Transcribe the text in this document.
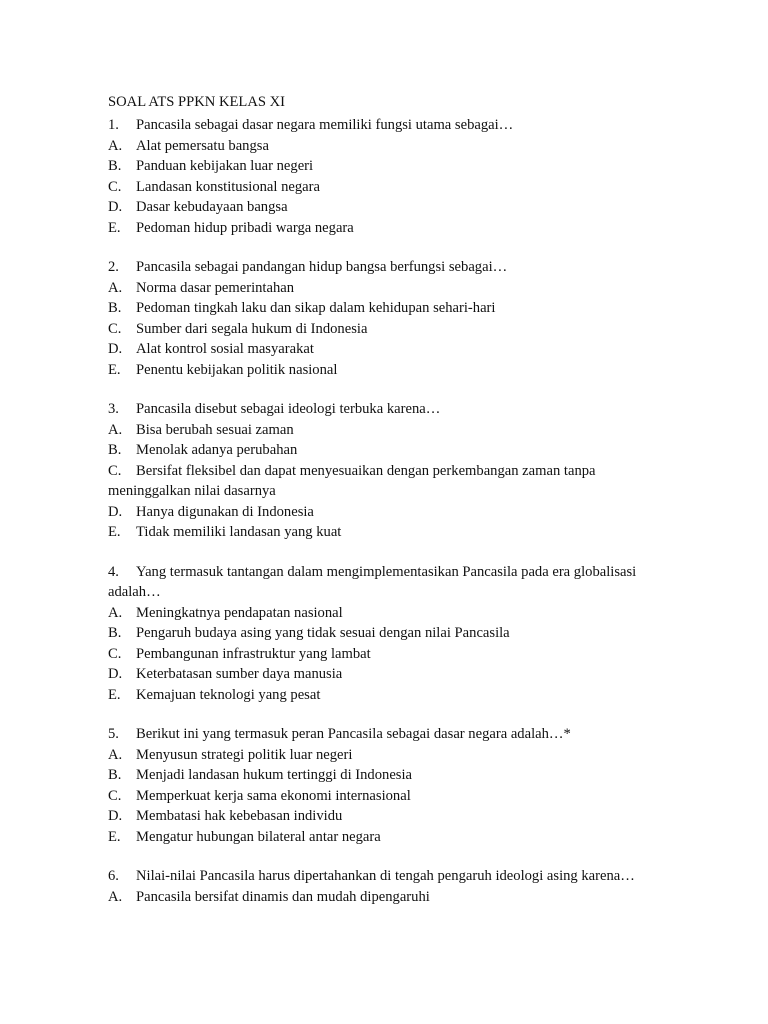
SOAL ATS PPKN KELAS XI
1. Pancasila sebagai dasar negara memiliki fungsi utama sebagai…
A. Alat pemersatu bangsa
B. Panduan kebijakan luar negeri
C. Landasan konstitusional negara
D. Dasar kebudayaan bangsa
E. Pedoman hidup pribadi warga negara
2. Pancasila sebagai pandangan hidup bangsa berfungsi sebagai…
A. Norma dasar pemerintahan
B. Pedoman tingkah laku dan sikap dalam kehidupan sehari-hari
C. Sumber dari segala hukum di Indonesia
D. Alat kontrol sosial masyarakat
E. Penentu kebijakan politik nasional
3. Pancasila disebut sebagai ideologi terbuka karena…
A. Bisa berubah sesuai zaman
B. Menolak adanya perubahan
C. Bersifat fleksibel dan dapat menyesuaikan dengan perkembangan zaman tanpa meninggalkan nilai dasarnya
D. Hanya digunakan di Indonesia
E. Tidak memiliki landasan yang kuat
4. Yang termasuk tantangan dalam mengimplementasikan Pancasila pada era globalisasi adalah…
A. Meningkatnya pendapatan nasional
B. Pengaruh budaya asing yang tidak sesuai dengan nilai Pancasila
C. Pembangunan infrastruktur yang lambat
D. Keterbatasan sumber daya manusia
E. Kemajuan teknologi yang pesat
5. Berikut ini yang termasuk peran Pancasila sebagai dasar negara adalah…*
A. Menyusun strategi politik luar negeri
B. Menjadi landasan hukum tertinggi di Indonesia
C. Memperkuat kerja sama ekonomi internasional
D. Membatasi hak kebebasan individu
E. Mengatur hubungan bilateral antar negara
6. Nilai-nilai Pancasila harus dipertahankan di tengah pengaruh ideologi asing karena…
A. Pancasila bersifat dinamis dan mudah dipengaruhi
